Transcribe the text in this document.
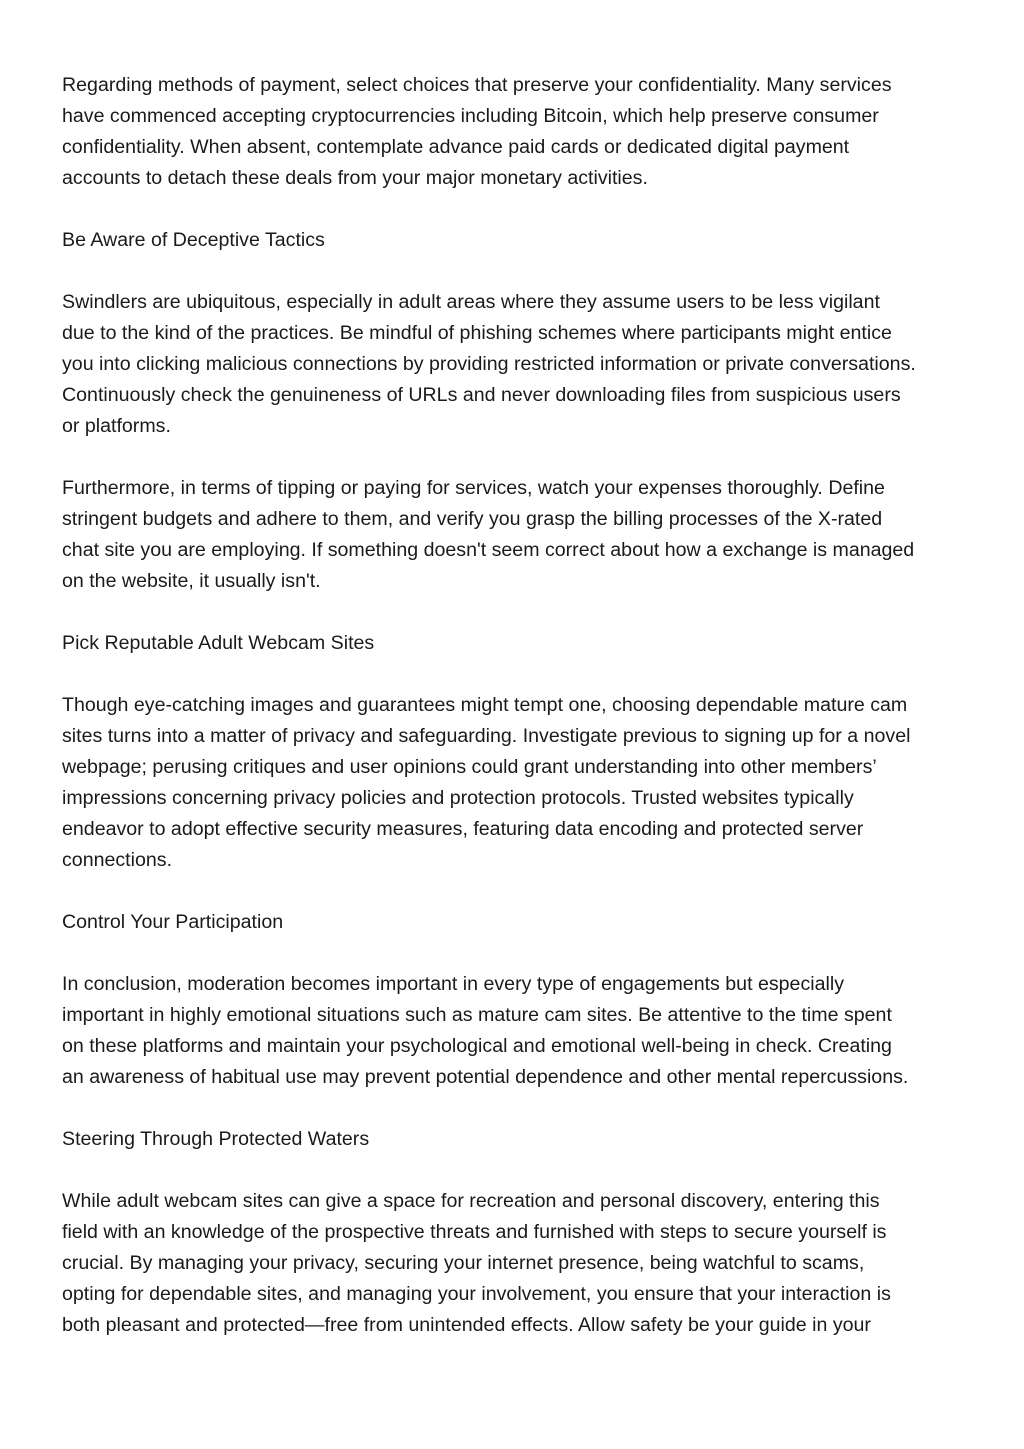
Regarding methods of payment, select choices that preserve your confidentiality. Many services
have commenced accepting cryptocurrencies including Bitcoin, which help preserve consumer
confidentiality. When absent, contemplate advance paid cards or dedicated digital payment
accounts to detach these deals from your major monetary activities.
Be Aware of Deceptive Tactics
Swindlers are ubiquitous, especially in adult areas where they assume users to be less vigilant
due to the kind of the practices. Be mindful of phishing schemes where participants might entice
you into clicking malicious connections by providing restricted information or private conversations.
Continuously check the genuineness of URLs and never downloading files from suspicious users
or platforms.
Furthermore, in terms of tipping or paying for services, watch your expenses thoroughly. Define
stringent budgets and adhere to them, and verify you grasp the billing processes of the X-rated
chat site you are employing. If something doesn't seem correct about how a exchange is managed
on the website, it usually isn't.
Pick Reputable Adult Webcam Sites
Though eye-catching images and guarantees might tempt one, choosing dependable mature cam
sites turns into a matter of privacy and safeguarding. Investigate previous to signing up for a novel
webpage; perusing critiques and user opinions could grant understanding into other members’
impressions concerning privacy policies and protection protocols. Trusted websites typically
endeavor to adopt effective security measures, featuring data encoding and protected server
connections.
Control Your Participation
In conclusion, moderation becomes important in every type of engagements but especially
important in highly emotional situations such as mature cam sites. Be attentive to the time spent
on these platforms and maintain your psychological and emotional well-being in check. Creating
an awareness of habitual use may prevent potential dependence and other mental repercussions.
Steering Through Protected Waters
While adult webcam sites can give a space for recreation and personal discovery, entering this
field with an knowledge of the prospective threats and furnished with steps to secure yourself is
crucial. By managing your privacy, securing your internet presence, being watchful to scams,
opting for dependable sites, and managing your involvement, you ensure that your interaction is
both pleasant and protected—free from unintended effects. Allow safety be your guide in your
